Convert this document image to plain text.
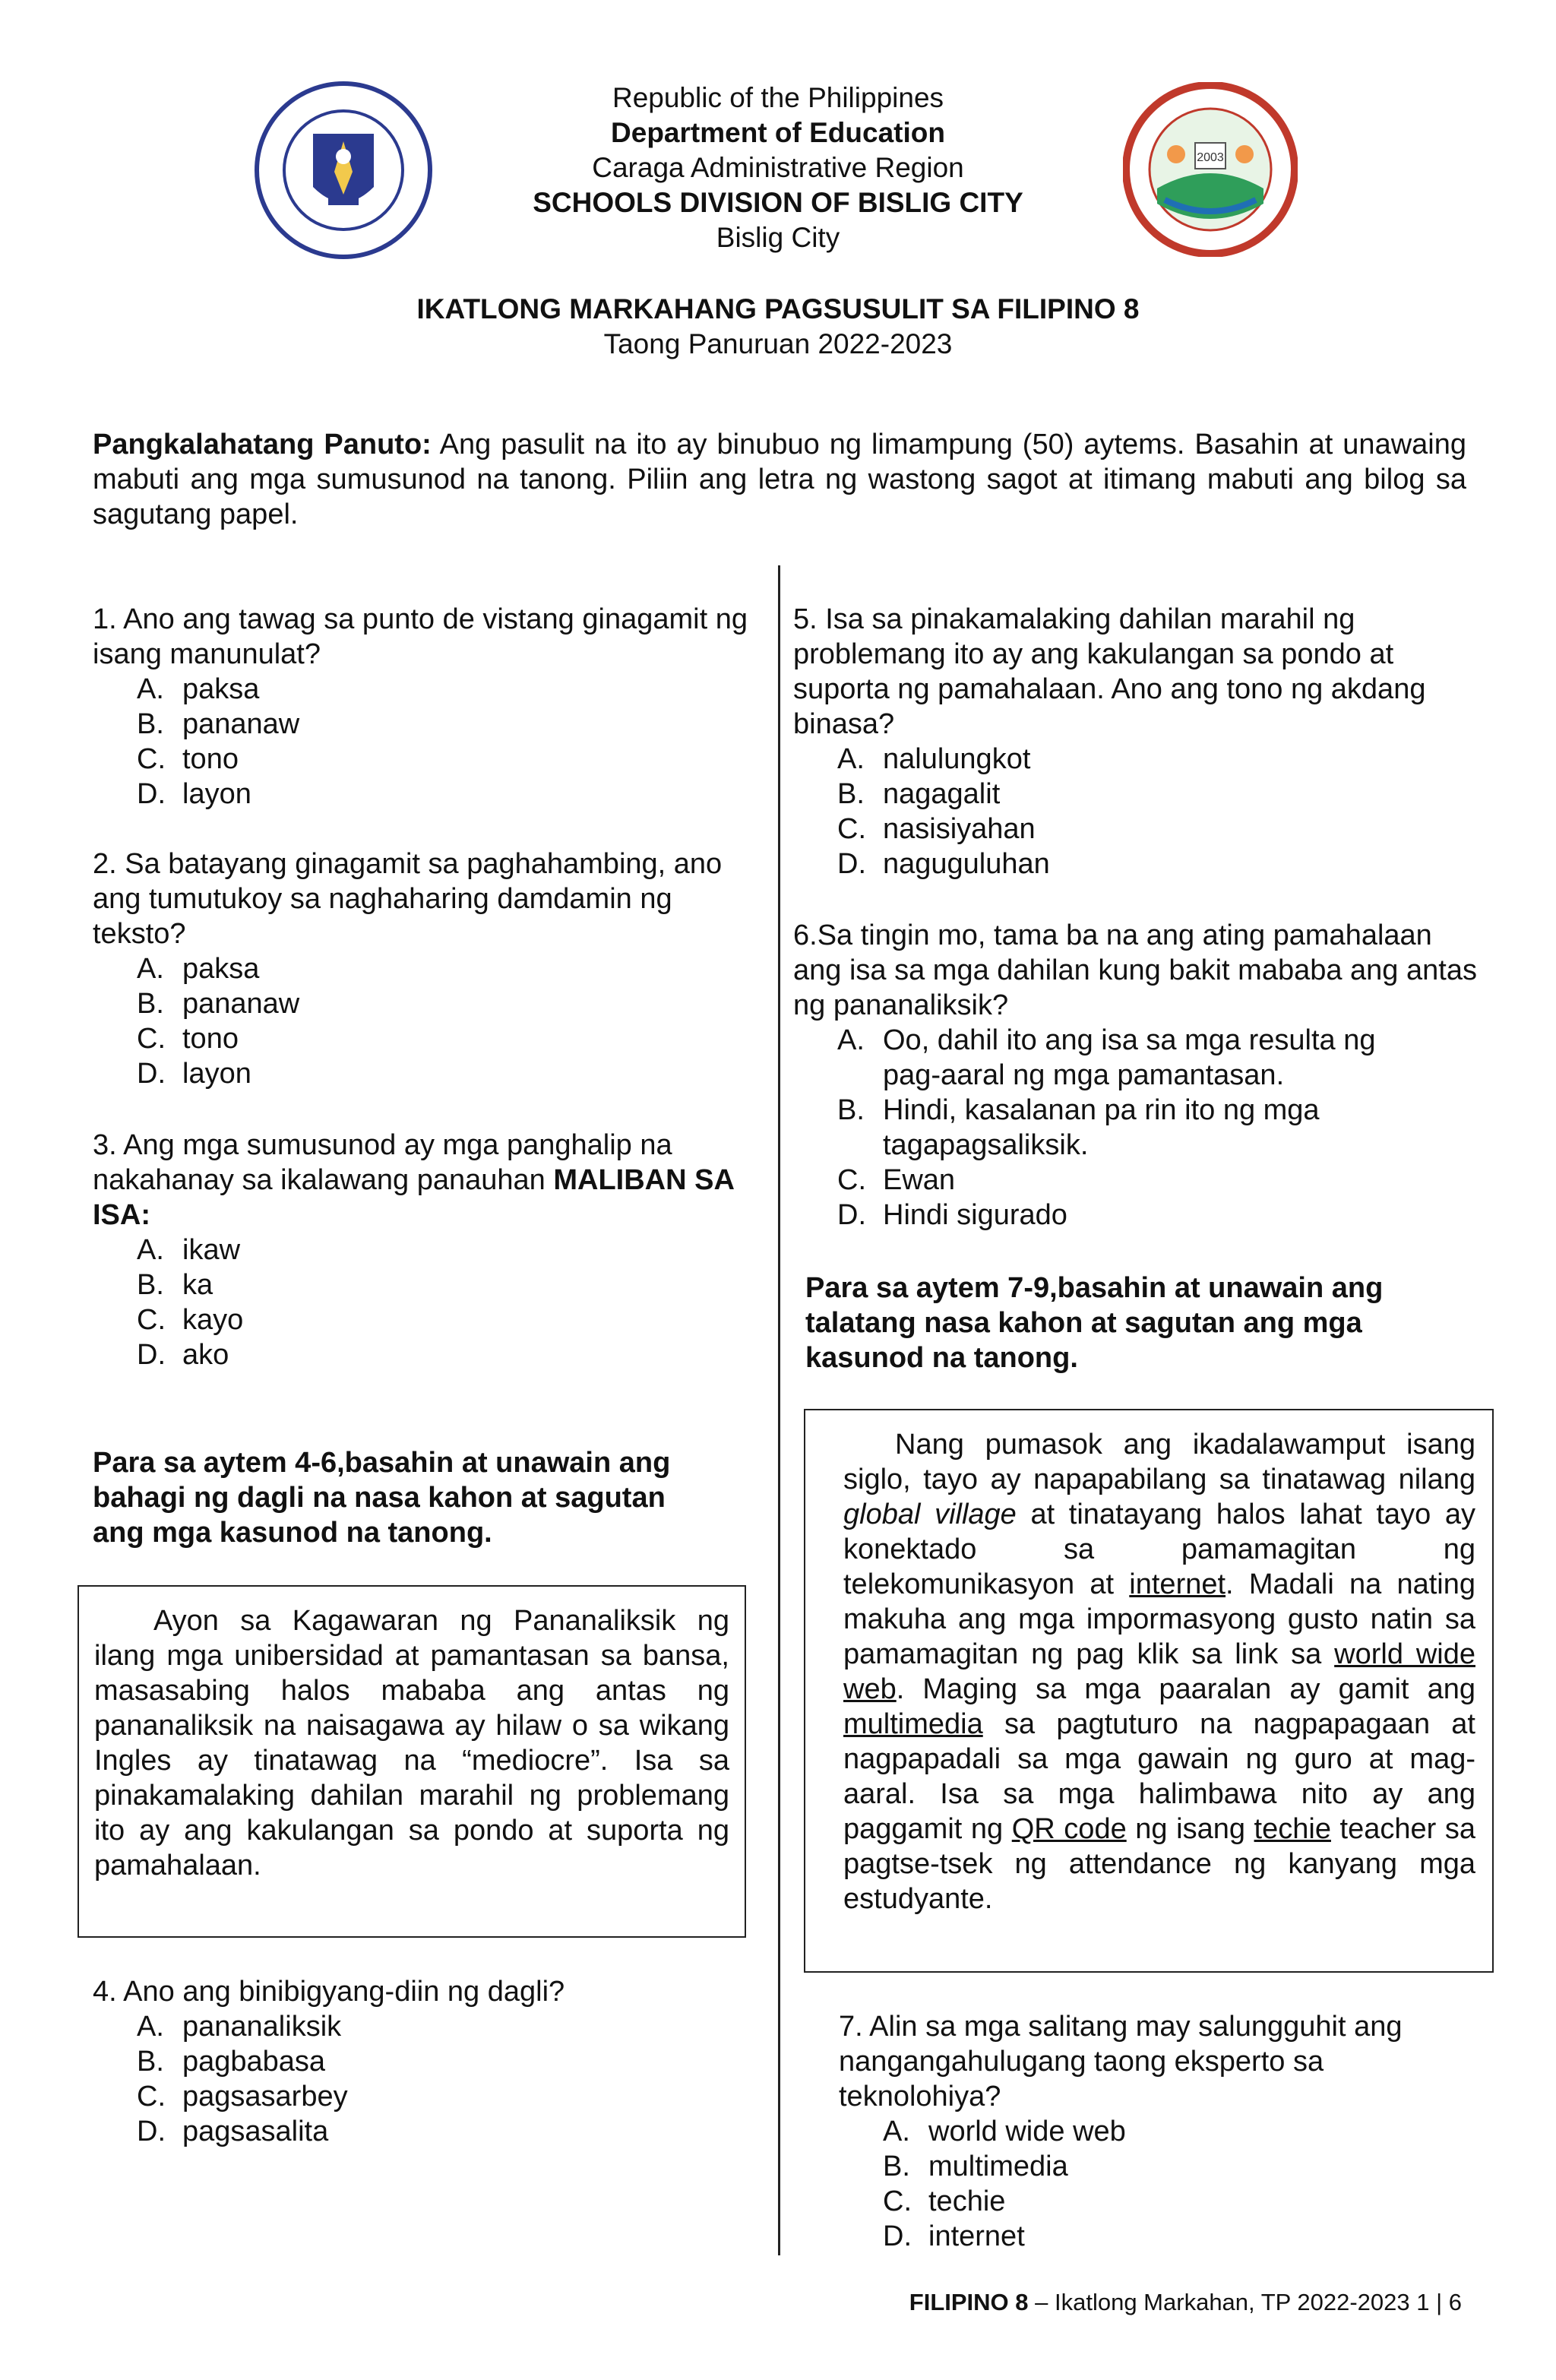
2003
Republic of the Philippines
Department of Education
Caraga Administrative Region
SCHOOLS DIVISION OF BISLIG CITY
Bislig City
IKATLONG MARKAHANG PAGSUSULIT SA FILIPINO 8
Taong Panuruan 2022-2023
Pangkalahatang Panuto: Ang pasulit na ito ay binubuo ng limampung (50) aytems. Basahin at unawaing mabuti ang mga sumusunod na tanong. Piliin ang letra ng wastong sagot at itimang mabuti ang bilog sa sagutang papel.

1. Ano ang tawag sa punto de vistang ginagamit ng isang manunulat?

A. paksa
B. pananaw
C. tono
D. layon

2. Sa batayang ginagamit sa paghahambing, ano ang tumutukoy sa naghaharing damdamin ng teksto?

A. paksa
B. pananaw
C. tono
D. layon

3. Ang mga sumusunod ay mga panghalip na nakahanay sa ikalawang panauhan MALIBAN SA ISA:

A. ikaw
B. ka
C. kayo
D. ako
Para sa aytem 4-6,basahin at unawain ang bahagi ng dagli na nasa kahon at sagutan ang mga kasunod na tanong.
Ayon sa Kagawaran ng Pananaliksik ng ilang mga unibersidad at pamantasan sa bansa, masasabing halos mababa ang antas ng pananaliksik na naisagawa ay hilaw o sa wikang Ingles ay tinatawag na “mediocre”. Isa sa pinakamalaking dahilan marahil ng problemang ito ay ang kakulangan sa pondo at suporta ng pamahalaan.

4. Ano ang binibigyang-diin ng dagli?

A. pananaliksik
B. pagbabasa
C. pagsasarbey
D. pagsasalita

5. Isa sa pinakamalaking dahilan marahil ng problemang ito ay ang kakulangan sa pondo at suporta ng pamahalaan. Ano ang tono ng akdang binasa?

A. nalulungkot
B. nagagalit
C. nasisiyahan
D. naguguluhan

6.Sa tingin mo, tama ba na ang ating pamahalaan ang isa sa mga dahilan kung bakit mababa ang antas ng pananaliksik?

A. Oo, dahil ito ang isa sa mga resulta ng pag-aaral ng mga pamantasan.
B. Hindi, kasalanan pa rin ito ng mga tagapagsaliksik.
C. Ewan
D. Hindi sigurado
Para sa aytem 7-9,basahin at unawain ang talatang nasa kahon at sagutan ang mga kasunod na tanong.
Nang pumasok ang ikadalawamput isang siglo, tayo ay napapabilang sa tinatawag nilang global village at tinatayang halos lahat tayo ay konektado sa pamamagitan ng telekomunikasyon at internet. Madali na nating makuha ang mga impormasyong gusto natin sa pamamagitan ng pag klik sa link sa world wide web. Maging sa mga paaralan ay gamit ang multimedia sa pagtuturo na nagpapagaan at nagpapadali sa mga gawain ng guro at mag-aaral. Isa sa mga halimbawa nito ay ang paggamit ng QR code ng isang techie teacher sa pagtse-tsek ng attendance ng kanyang mga estudyante.

7. Alin sa mga salitang may salungguhit ang nangangahulugang taong eksperto sa teknolohiya?

A. world wide web
B. multimedia
C. techie
D. internet
FILIPINO 8 – Ikatlong Markahan, TP 2022-2023 1 | 6
